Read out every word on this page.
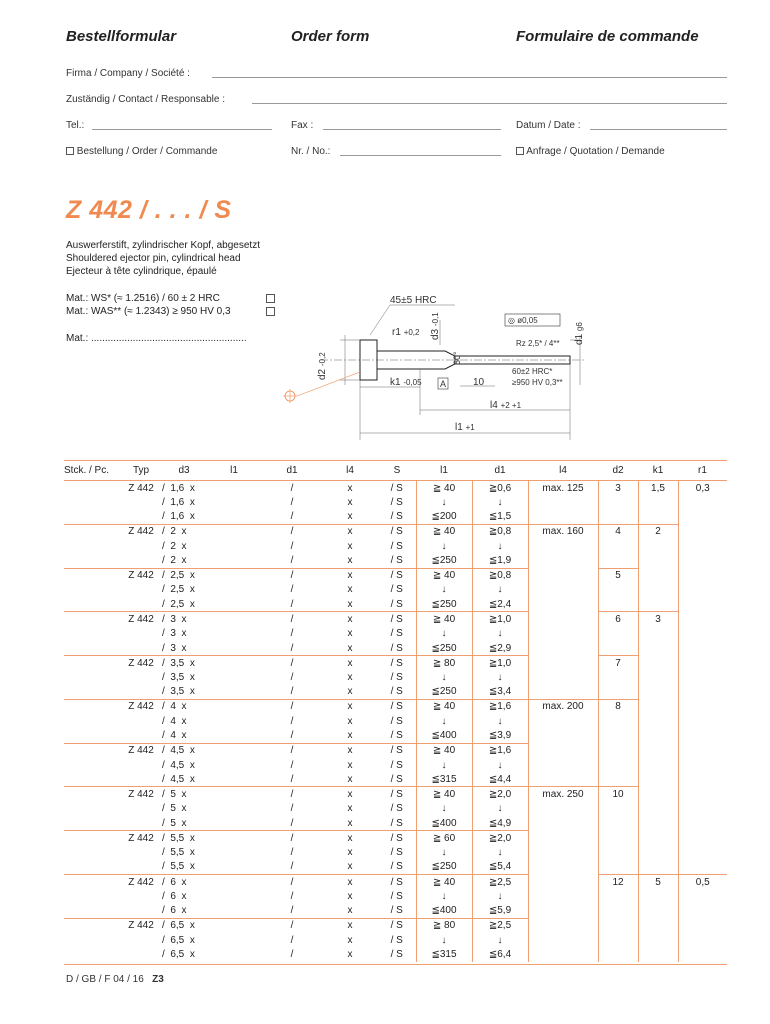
Bestellformular	Order form	Formulaire de commande
Firma / Company / Société :
Zuständig / Contact / Responsable :
Tel.:	Fax :	Datum / Date :
Bestellung / Order / Commande	Nr. / No.:	Anfrage / Quotation / Demande
Z 442 / . . . / S
Auswerferstift, zylindrischer Kopf, abgesetzt
Shouldered ejector pin, cylindrical head
Ejecteur à tête cylindrique, épaulé
Mat.: WS* (≈ 1.2516) / 60 ± 2 HRC
Mat.: WAS** (≈ 1.2343) ≥ 950 HV 0,3
Mat.: ........................................................
45±5 HRC
r1 +0,2 d3 -0,1
d2 -0,2	60°
k1 -0,05 A
◎ ø0,05
Rz 2,5* / 4** d1 g6
10
60±2 HRC*
≥950 HV 0,3**
l4 +2 +1
l1 +1
Stck. / Pc.	Typ	d3	l1	d1	l4	S	l1	d1	l4	d2	k1	r1
	Z 442	/ 1,6 x		/	x	/ S	≧ 40	≧0,6	max. 125	3	1,5	0,3
		/ 1,6 x		/	x	/ S	↓	↓				
		/ 1,6 x		/	x	/ S	≦200	≦1,5				
	Z 442	/ 2 x		/	x	/ S	≧ 40	≧0,8	max. 160	4	2	
		/ 2 x		/	x	/ S	↓	↓				
		/ 2 x		/	x	/ S	≦250	≦1,9				
	Z 442	/ 2,5 x		/	x	/ S	≧ 40	≧0,8		5		
		/ 2,5 x		/	x	/ S	↓	↓				
		/ 2,5 x		/	x	/ S	≦250	≦2,4				
	Z 442	/ 3 x		/	x	/ S	≧ 40	≧1,0		6	3	
		/ 3 x		/	x	/ S	↓	↓				
		/ 3 x		/	x	/ S	≦250	≦2,9				
	Z 442	/ 3,5 x		/	x	/ S	≧ 80	≧1,0		7		
		/ 3,5 x		/	x	/ S	↓	↓				
		/ 3,5 x		/	x	/ S	≦250	≦3,4				
	Z 442	/ 4 x		/	x	/ S	≧ 40	≧1,6	max. 200	8		
		/ 4 x		/	x	/ S	↓	↓				
		/ 4 x		/	x	/ S	≦400	≦3,9				
	Z 442	/ 4,5 x		/	x	/ S	≧ 40	≧1,6				
		/ 4,5 x		/	x	/ S	↓	↓				
		/ 4,5 x		/	x	/ S	≦315	≦4,4				
	Z 442	/ 5 x		/	x	/ S	≧ 40	≧2,0	max. 250	10		
		/ 5 x		/	x	/ S	↓	↓				
		/ 5 x		/	x	/ S	≦400	≦4,9				
	Z 442	/ 5,5 x		/	x	/ S	≧ 60	≧2,0				
		/ 5,5 x		/	x	/ S	↓	↓				
		/ 5,5 x		/	x	/ S	≦250	≦5,4				
	Z 442	/ 6 x		/	x	/ S	≧ 40	≧2,5		12	5	0,5
		/ 6 x		/	x	/ S	↓	↓				
		/ 6 x		/	x	/ S	≦400	≦5,9				
	Z 442	/ 6,5 x		/	x	/ S	≧ 80	≧2,5				
		/ 6,5 x		/	x	/ S	↓	↓				
		/ 6,5 x		/	x	/ S	≦315	≦6,4				
D / GB / F 04 / 16 Z3
